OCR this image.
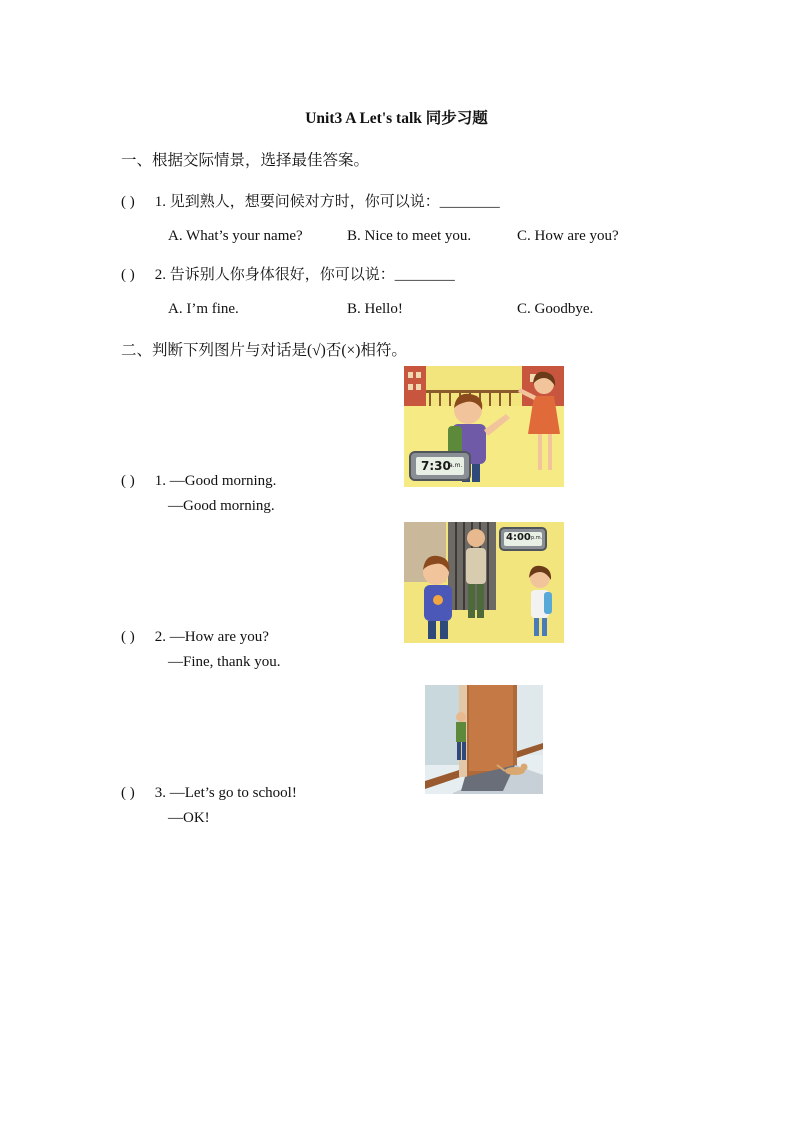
Unit3 A Let's talk 同步习题
一、根据交际情景，选择最佳答案。
( ) 1. 见到熟人，想要问候对方时，你可以说：________
A. What’s your name?	B. Nice to meet you.	C. How are you?
( ) 2. 告诉别人你身体很好，你可以说：________
A. I’m fine.	B. Hello!	C. Goodbye.
二、判断下列图片与对话是(√)否(×)相符。
7:30
a.m.
( ) 1. —Good morning.
—Good morning.
4:00 p.m.
( ) 2. —How are you?
—Fine, thank you.
( ) 3. —Let’s go to school!
—OK!
